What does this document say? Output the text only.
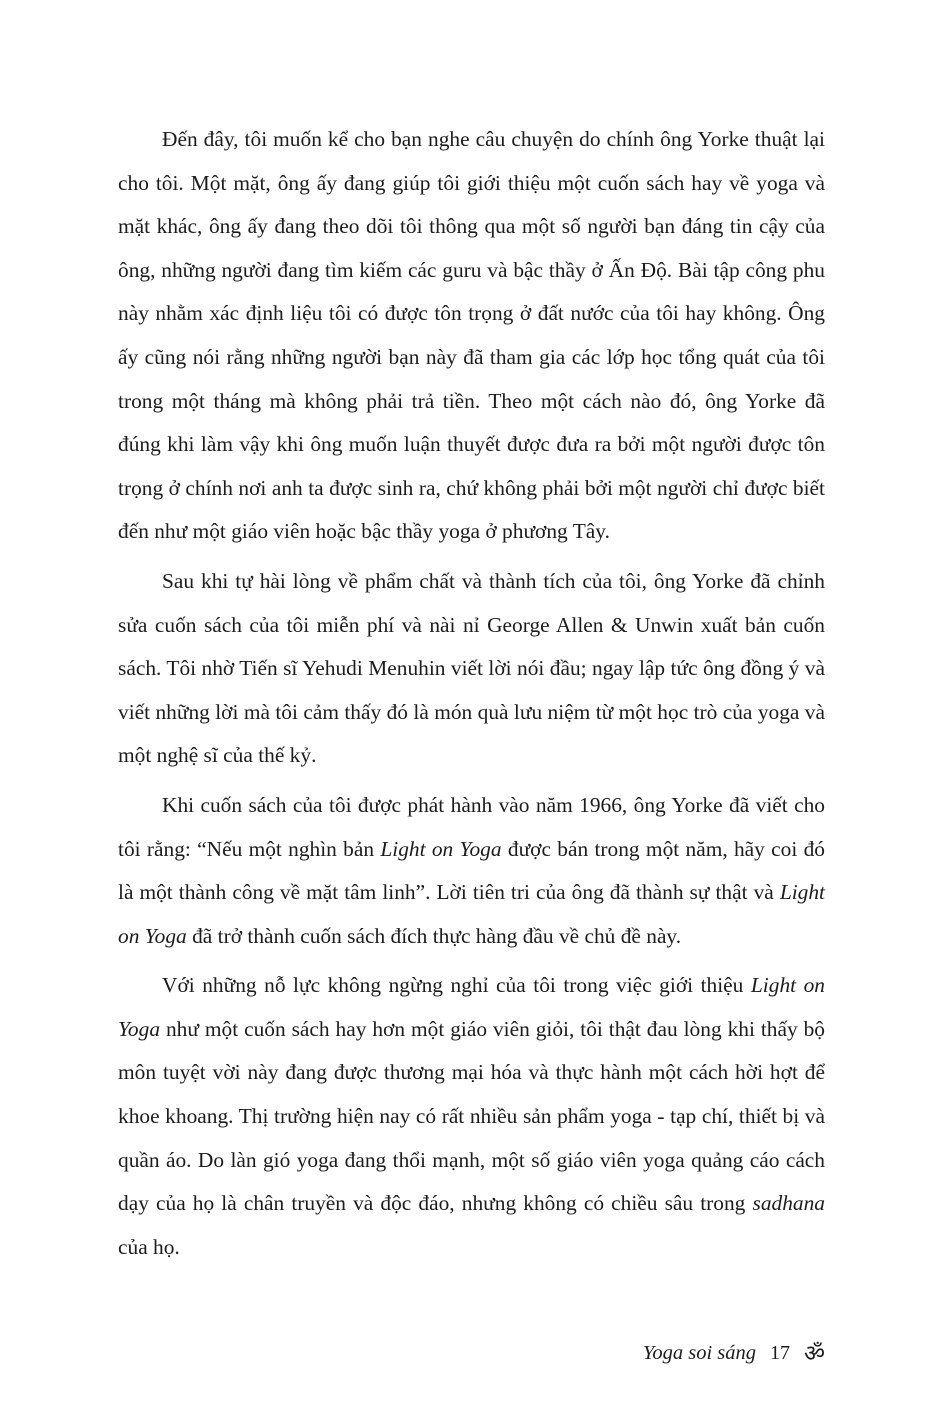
Đến đây, tôi muốn kể cho bạn nghe câu chuyện do chính ông Yorke thuật lại cho tôi. Một mặt, ông ấy đang giúp tôi giới thiệu một cuốn sách hay về yoga và mặt khác, ông ấy đang theo dõi tôi thông qua một số người bạn đáng tin cậy của ông, những người đang tìm kiếm các guru và bậc thầy ở Ấn Độ. Bài tập công phu này nhằm xác định liệu tôi có được tôn trọng ở đất nước của tôi hay không. Ông ấy cũng nói rằng những người bạn này đã tham gia các lớp học tổng quát của tôi trong một tháng mà không phải trả tiền. Theo một cách nào đó, ông Yorke đã đúng khi làm vậy khi ông muốn luận thuyết được đưa ra bởi một người được tôn trọng ở chính nơi anh ta được sinh ra, chứ không phải bởi một người chỉ được biết đến như một giáo viên hoặc bậc thầy yoga ở phương Tây.

Sau khi tự hài lòng về phẩm chất và thành tích của tôi, ông Yorke đã chỉnh sửa cuốn sách của tôi miễn phí và nài nỉ George Allen & Unwin xuất bản cuốn sách. Tôi nhờ Tiến sĩ Yehudi Menuhin viết lời nói đầu; ngay lập tức ông đồng ý và viết những lời mà tôi cảm thấy đó là món quà lưu niệm từ một học trò của yoga và một nghệ sĩ của thế kỷ.

Khi cuốn sách của tôi được phát hành vào năm 1966, ông Yorke đã viết cho tôi rằng: “Nếu một nghìn bản Light on Yoga được bán trong một năm, hãy coi đó là một thành công về mặt tâm linh”. Lời tiên tri của ông đã thành sự thật và Light on Yoga đã trở thành cuốn sách đích thực hàng đầu về chủ đề này.

Với những nỗ lực không ngừng nghỉ của tôi trong việc giới thiệu Light on Yoga như một cuốn sách hay hơn một giáo viên giỏi, tôi thật đau lòng khi thấy bộ môn tuyệt vời này đang được thương mại hóa và thực hành một cách hời hợt để khoe khoang. Thị trường hiện nay có rất nhiều sản phẩm yoga - tạp chí, thiết bị và quần áo. Do làn gió yoga đang thổi mạnh, một số giáo viên yoga quảng cáo cách dạy của họ là chân truyền và độc đáo, nhưng không có chiều sâu trong sadhana của họ.

Yoga soi sáng 17 ॐ
